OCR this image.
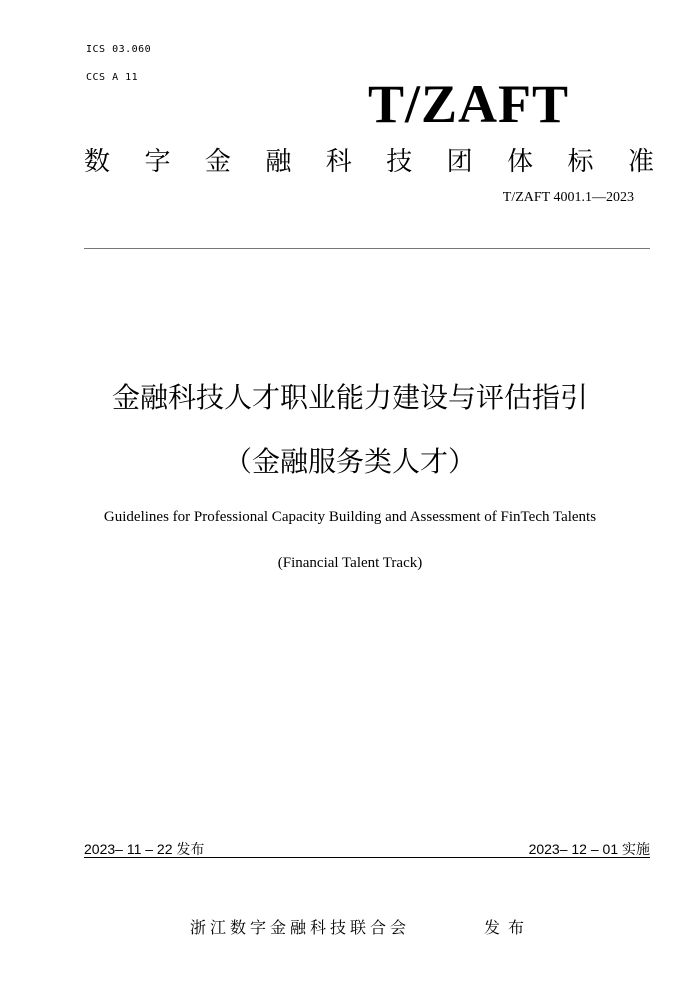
ICS 03.060
CCS A 11	T/ZAFT
数字金融科技团体标准
T/ZAFT 4001.1—2023
金融科技人才职业能力建设与评估指引
（金融服务类人才）
Guidelines for Professional Capacity Building and Assessment of FinTech Talents
(Financial Talent Track)
2023– 11 – 22 发布	2023– 12 – 01 实施
浙江数字金融科技联合会	发布
